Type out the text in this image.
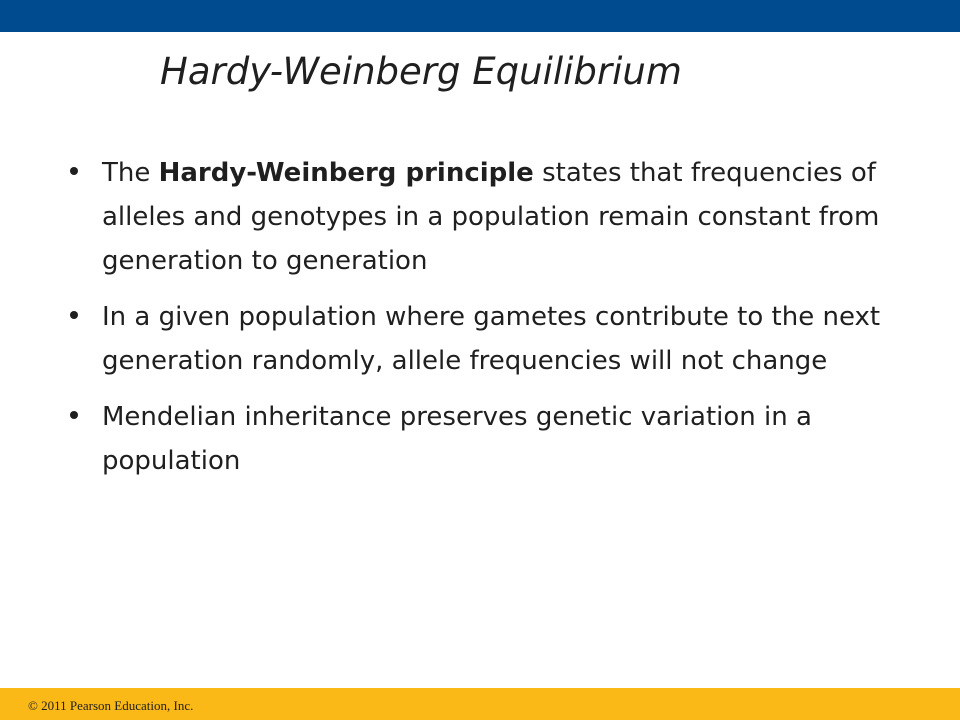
Hardy-Weinberg Equilibrium
The Hardy-Weinberg principle states that frequencies of alleles and genotypes in a population remain constant from generation to generation
In a given population where gametes contribute to the next generation randomly, allele frequencies will not change
Mendelian inheritance preserves genetic variation in a population
© 2011 Pearson Education, Inc.
